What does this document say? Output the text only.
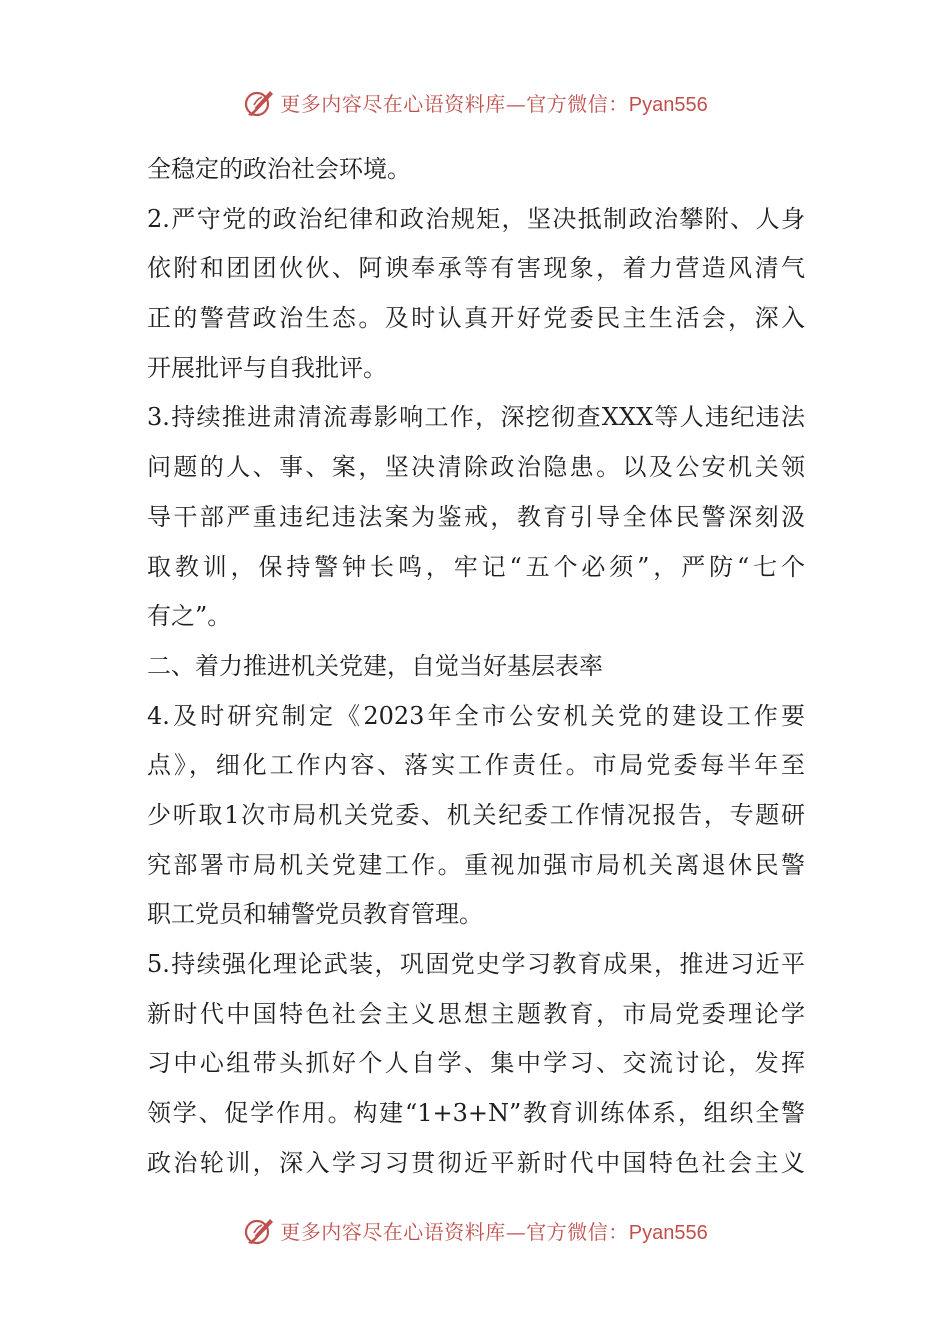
更多内容尽在心语资料库—官方微信：Pyan556
全稳定的政治社会环境。
2.严守党的政治纪律和政治规矩，坚决抵制政治攀附、人身
依附和团团伙伙、阿谀奉承等有害现象，着力营造风清气
正的警营政治生态。及时认真开好党委民主生活会，深入
开展批评与自我批评。
3.持续推进肃清流毒影响工作，深挖彻查XXX等人违纪违法
问题的人、事、案，坚决清除政治隐患。以及公安机关领
导干部严重违纪违法案为鉴戒，教育引导全体民警深刻汲
取教训，保持警钟长鸣，牢记“五个必须”，严防“七个
有之”。
二、着力推进机关党建，自觉当好基层表率
4.及时研究制定《2023年全市公安机关党的建设工作要
点》，细化工作内容、落实工作责任。市局党委每半年至
少听取1次市局机关党委、机关纪委工作情况报告，专题研
究部署市局机关党建工作。重视加强市局机关离退休民警
职工党员和辅警党员教育管理。
5.持续强化理论武装，巩固党史学习教育成果，推进习近平
新时代中国特色社会主义思想主题教育，市局党委理论学
习中心组带头抓好个人自学、集中学习、交流讨论，发挥
领学、促学作用。构建“1+3+N”教育训练体系，组织全警
政治轮训，深入学习习贯彻近平新时代中国特色社会主义
更多内容尽在心语资料库—官方微信：Pyan556
